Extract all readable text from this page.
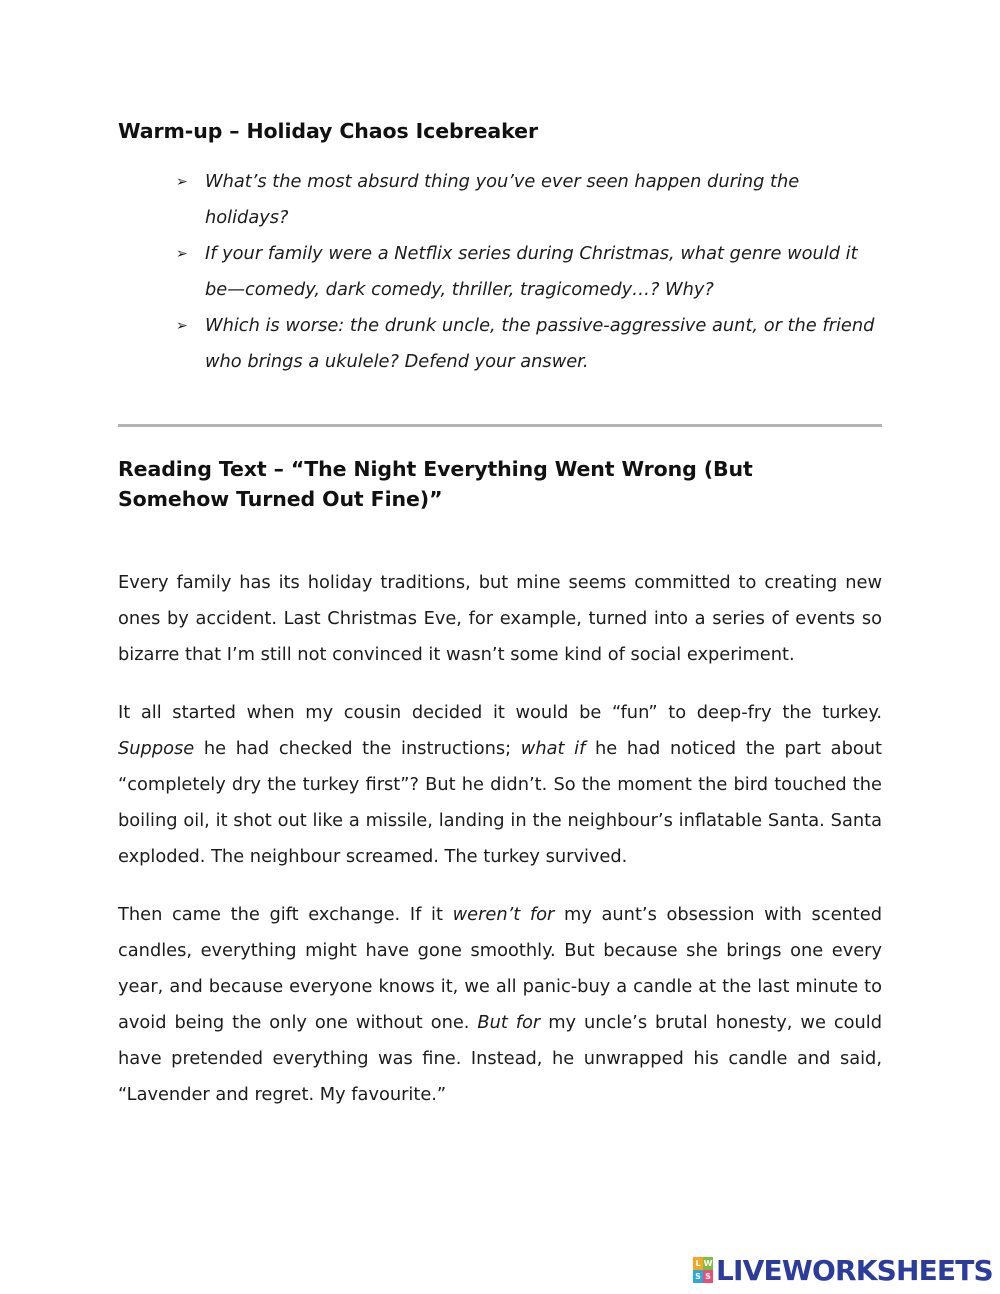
Warm-up – Holiday Chaos Icebreaker
➢ What’s the most absurd thing you’ve ever seen happen during the holidays?
➢ If your family were a Netflix series during Christmas, what genre would it be—comedy, dark comedy, thriller, tragicomedy…? Why?
➢ Which is worse: the drunk uncle, the passive-aggressive aunt, or the friend who brings a ukulele? Defend your answer.
Reading Text – “The Night Everything Went Wrong (But Somehow Turned Out Fine)”

Every family has its holiday traditions, but mine seems committed to creating new ones by accident. Last Christmas Eve, for example, turned into a series of events so bizarre that I’m still not convinced it wasn’t some kind of social experiment.

It all started when my cousin decided it would be “fun” to deep-fry the turkey. Suppose he had checked the instructions; what if he had noticed the part about “completely dry the turkey first”? But he didn’t. So the moment the bird touched the boiling oil, it shot out like a missile, landing in the neighbour’s inflatable Santa. Santa exploded. The neighbour screamed. The turkey survived.

Then came the gift exchange. If it weren’t for my aunt’s obsession with scented candles, everything might have gone smoothly. But because she brings one every year, and because everyone knows it, we all panic-buy a candle at the last minute to avoid being the only one without one. But for my uncle’s brutal honesty, we could have pretended everything was fine. Instead, he unwrapped his candle and said, “Lavender and regret. My favourite.”

L W
S S LIVEWORKSHEETS
